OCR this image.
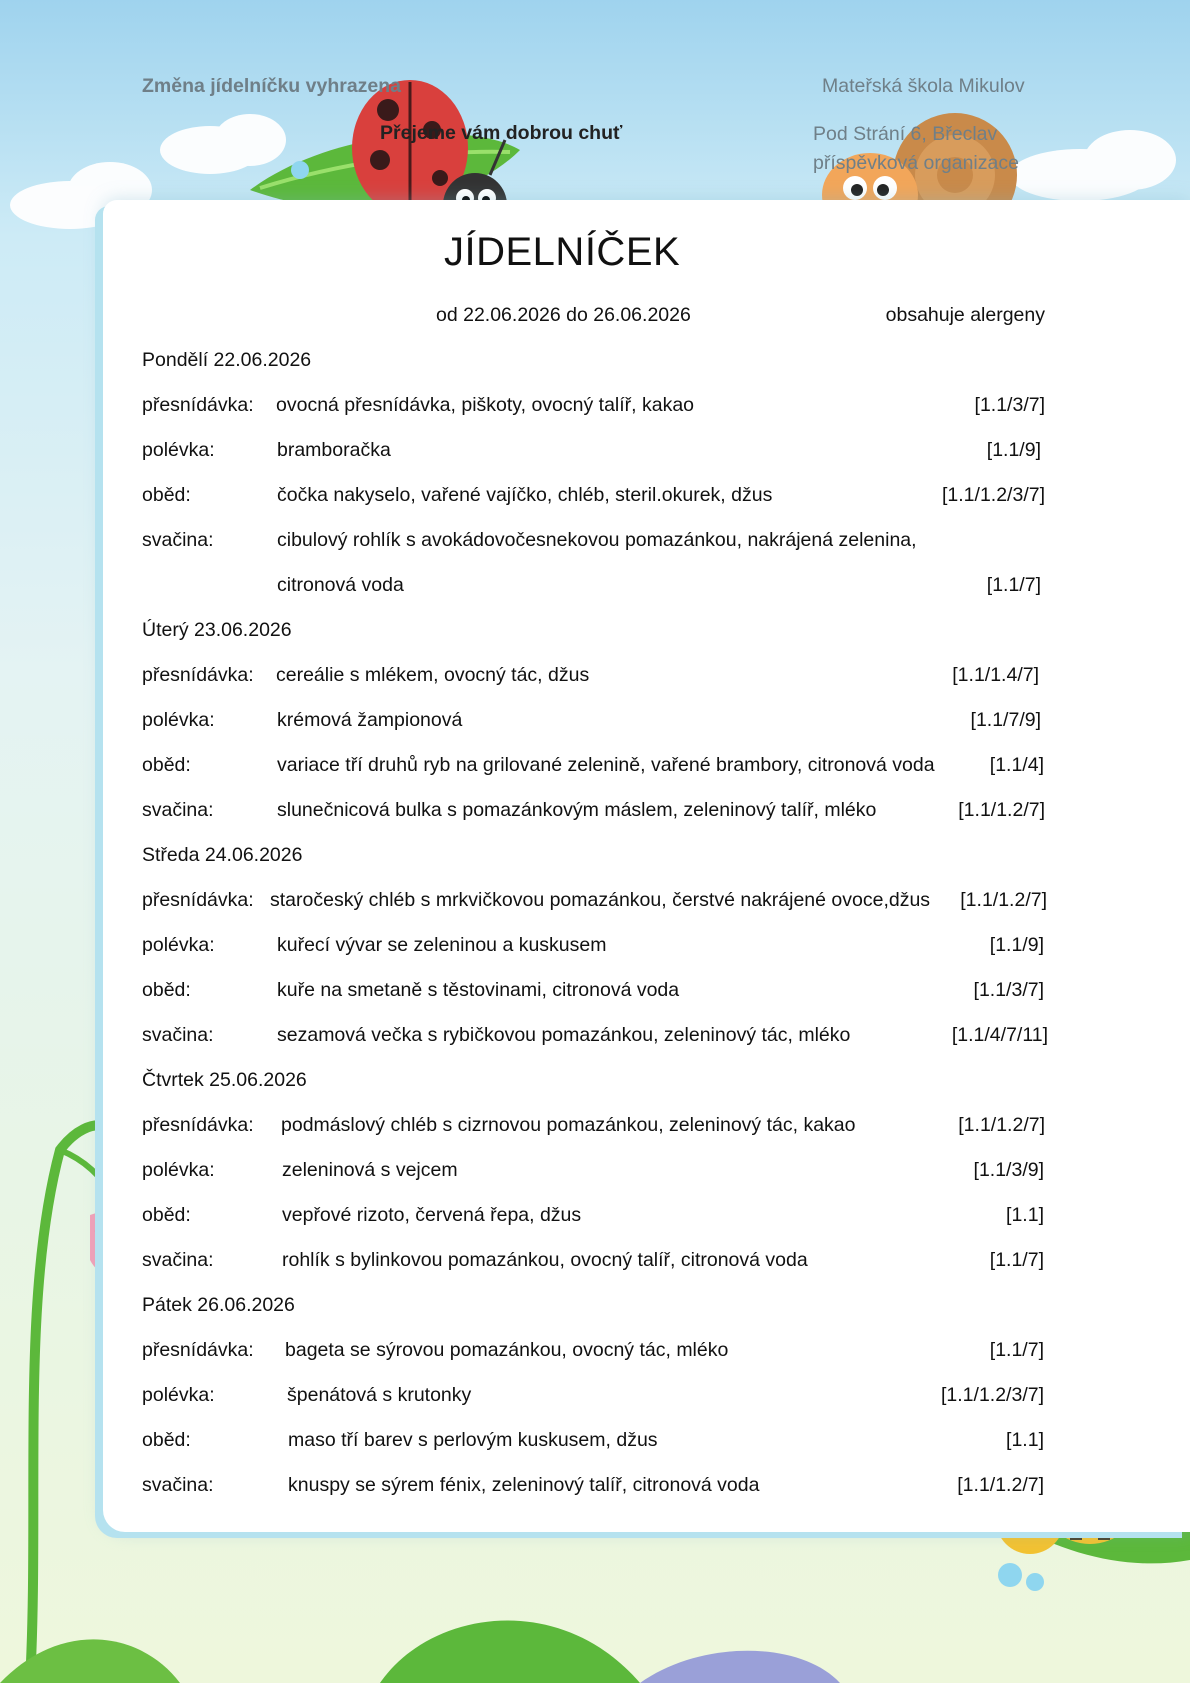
Změna jídelníčku vyhrazena
Přejeme vám dobrou chuť
Mateřská škola Mikulov
Pod Strání 6, Břeclav
příspěvková organizace
JÍDELNÍČEK
od 22.06.2026 do 26.06.2026	obsahuje alergeny
Pondělí 22.06.2026
přesnídávka: ovocná přesnídávka, piškoty, ovocný talíř, kakao	[1.1/3/7]
polévka:	bramboračka	[1.1/9]
oběd:	čočka nakyselo, vařené vajíčko, chléb, steril.okurek, džus	[1.1/1.2/3/7]
svačina:	cibulový rohlík s avokádovočesnekovou pomazánkou, nakrájená zelenina,
citronová voda	[1.1/7]
Úterý 23.06.2026
přesnídávka: cereálie s mlékem, ovocný tác, džus	[1.1/1.4/7]
polévka:	krémová žampionová	[1.1/7/9]
oběd:	variace tří druhů ryb na grilované zelenině, vařené brambory, citronová voda	[1.1/4]
svačina:	slunečnicová bulka s pomazánkovým máslem, zeleninový talíř, mléko	[1.1/1.2/7]
Středa 24.06.2026
přesnídávka: staročeský chléb s mrkvičkovou pomazánkou, čerstvé nakrájené ovoce,džus [1.1/1.2/7]
polévka:	kuřecí vývar se zeleninou a kuskusem	[1.1/9]
oběd:	kuře na smetaně s těstovinami, citronová voda	[1.1/3/7]
svačina:	sezamová večka s rybičkovou pomazánkou, zeleninový tác, mléko	[1.1/4/7/11]
Čtvrtek 25.06.2026
přesnídávka: podmáslový chléb s cizrnovou pomazánkou, zeleninový tác, kakao	[1.1/1.2/7]
polévka:	zeleninová s vejcem	[1.1/3/9]
oběd:	vepřové rizoto, červená řepa, džus	[1.1]
svačina:	rohlík s bylinkovou pomazánkou, ovocný talíř, citronová voda	[1.1/7]
Pátek 26.06.2026
přesnídávka: bageta se sýrovou pomazánkou, ovocný tác, mléko	[1.1/7]
polévka:	špenátová s krutonky	[1.1/1.2/3/7]
oběd:	maso tří barev s perlovým kuskusem, džus	[1.1]
svačina:	knuspy se sýrem fénix, zeleninový talíř, citronová voda	[1.1/1.2/7]
